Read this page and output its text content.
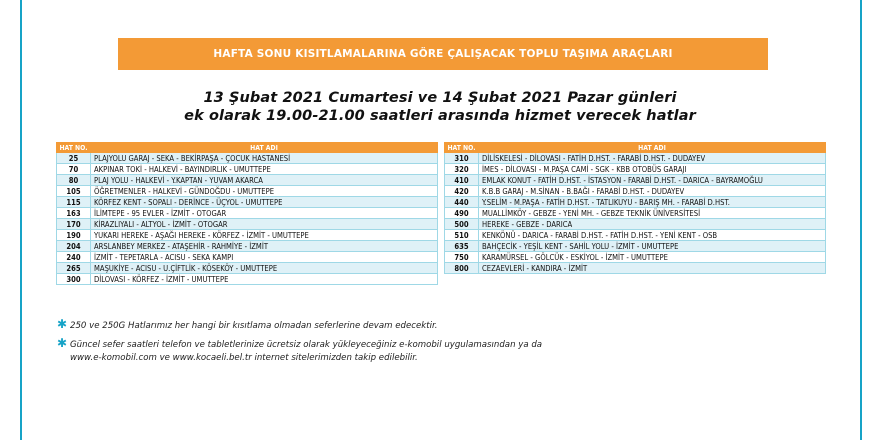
HAFTA SONU KISITLAMALARINA GÖRE ÇALIŞACAK TOPLU TAŞIMA ARAÇLARI
13 Şubat 2021 Cumartesi ve 14 Şubat 2021 Pazar günleri
ek olarak 19.00-21.00 saatleri arasında hizmet verecek hatlar
HAT NO.	HAT ADI
25	PLAJYOLU GARAJ - SEKA - BEKİRPAŞA - ÇOCUK HASTANESİ
70	AKPINAR TOKİ - HALKEVİ - BAYINDIRLIK - UMUTTEPE
80	PLAJ YOLU - HALKEVİ - Y.KAPTAN - YUVAM AKARCA
105	ÖĞRETMENLER - HALKEVİ - GÜNDOĞDU - UMUTTEPE
115	KÖRFEZ KENT - SOPALI - DERİNCE - ÜÇYOL - UMUTTEPE
163	İLİMTEPE - 95 EVLER - İZMİT - OTOGAR
170	KİRAZLIYALI - ALTYOL - İZMİT - OTOGAR
190	YUKARI HEREKE - AŞAĞI HEREKE - KÖRFEZ - İZMİT - UMUTTEPE
204	ARSLANBEY MERKEZ - ATAŞEHİR - RAHMİYE - İZMİT
240	İZMİT - TEPETARLA - ACISU - SEKA KAMPI
265	MAŞUKİYE - ACISU - U.ÇİFTLİK - KÖSEKÖY - UMUTTEPE
300	DİLOVASI - KÖRFEZ - İZMİT - UMUTTEPE
HAT NO.	HAT ADI
310	DİLİSKELESİ - DİLOVASI - FATİH D.HST. - FARABİ D.HST. - DUDAYEV
320	İMES - DİLOVASI - M.PAŞA CAMİ - SGK - KBB OTOBÜS GARAJI
410	EMLAK KONUT - FATİH D.HST. - İSTASYON - FARABİ D.HST. - DARICA - BAYRAMOĞLU
420	K.B.B GARAJ - M.SİNAN - B.BAĞI - FARABİ D.HST. - DUDAYEV
440	Y.SELİM - M.PAŞA - FATİH D.HST. - TATLIKUYU - BARIŞ MH. - FARABİ D.HST.
490	MUALLİMKÖY - GEBZE - YENİ MH. - GEBZE TEKNİK ÜNİVERSİTESİ
500	HEREKE - GEBZE - DARICA
510	KENKÖNÜ - DARICA - FARABİ D.HST. - FATİH D.HST. - YENİ KENT - OSB
635	BAHÇECİK - YEŞİL KENT - SAHİL YOLU - İZMİT - UMUTTEPE
750	KARAMÜRSEL - GÖLCÜK - ESKİYOL - İZMİT - UMUTTEPE
800	CEZAEVLERİ - KANDIRA - İZMİT
✱ 250 ve 250G Hatlarımız her hangi bir kısıtlama olmadan seferlerine devam edecektir.
✱ Güncel sefer saatleri telefon ve tabletlerinize ücretsiz olarak yükleyeceğiniz e-komobil uygulamasından ya da
www.e-komobil.com ve www.kocaeli.bel.tr internet sitelerimizden takip edilebilir.
